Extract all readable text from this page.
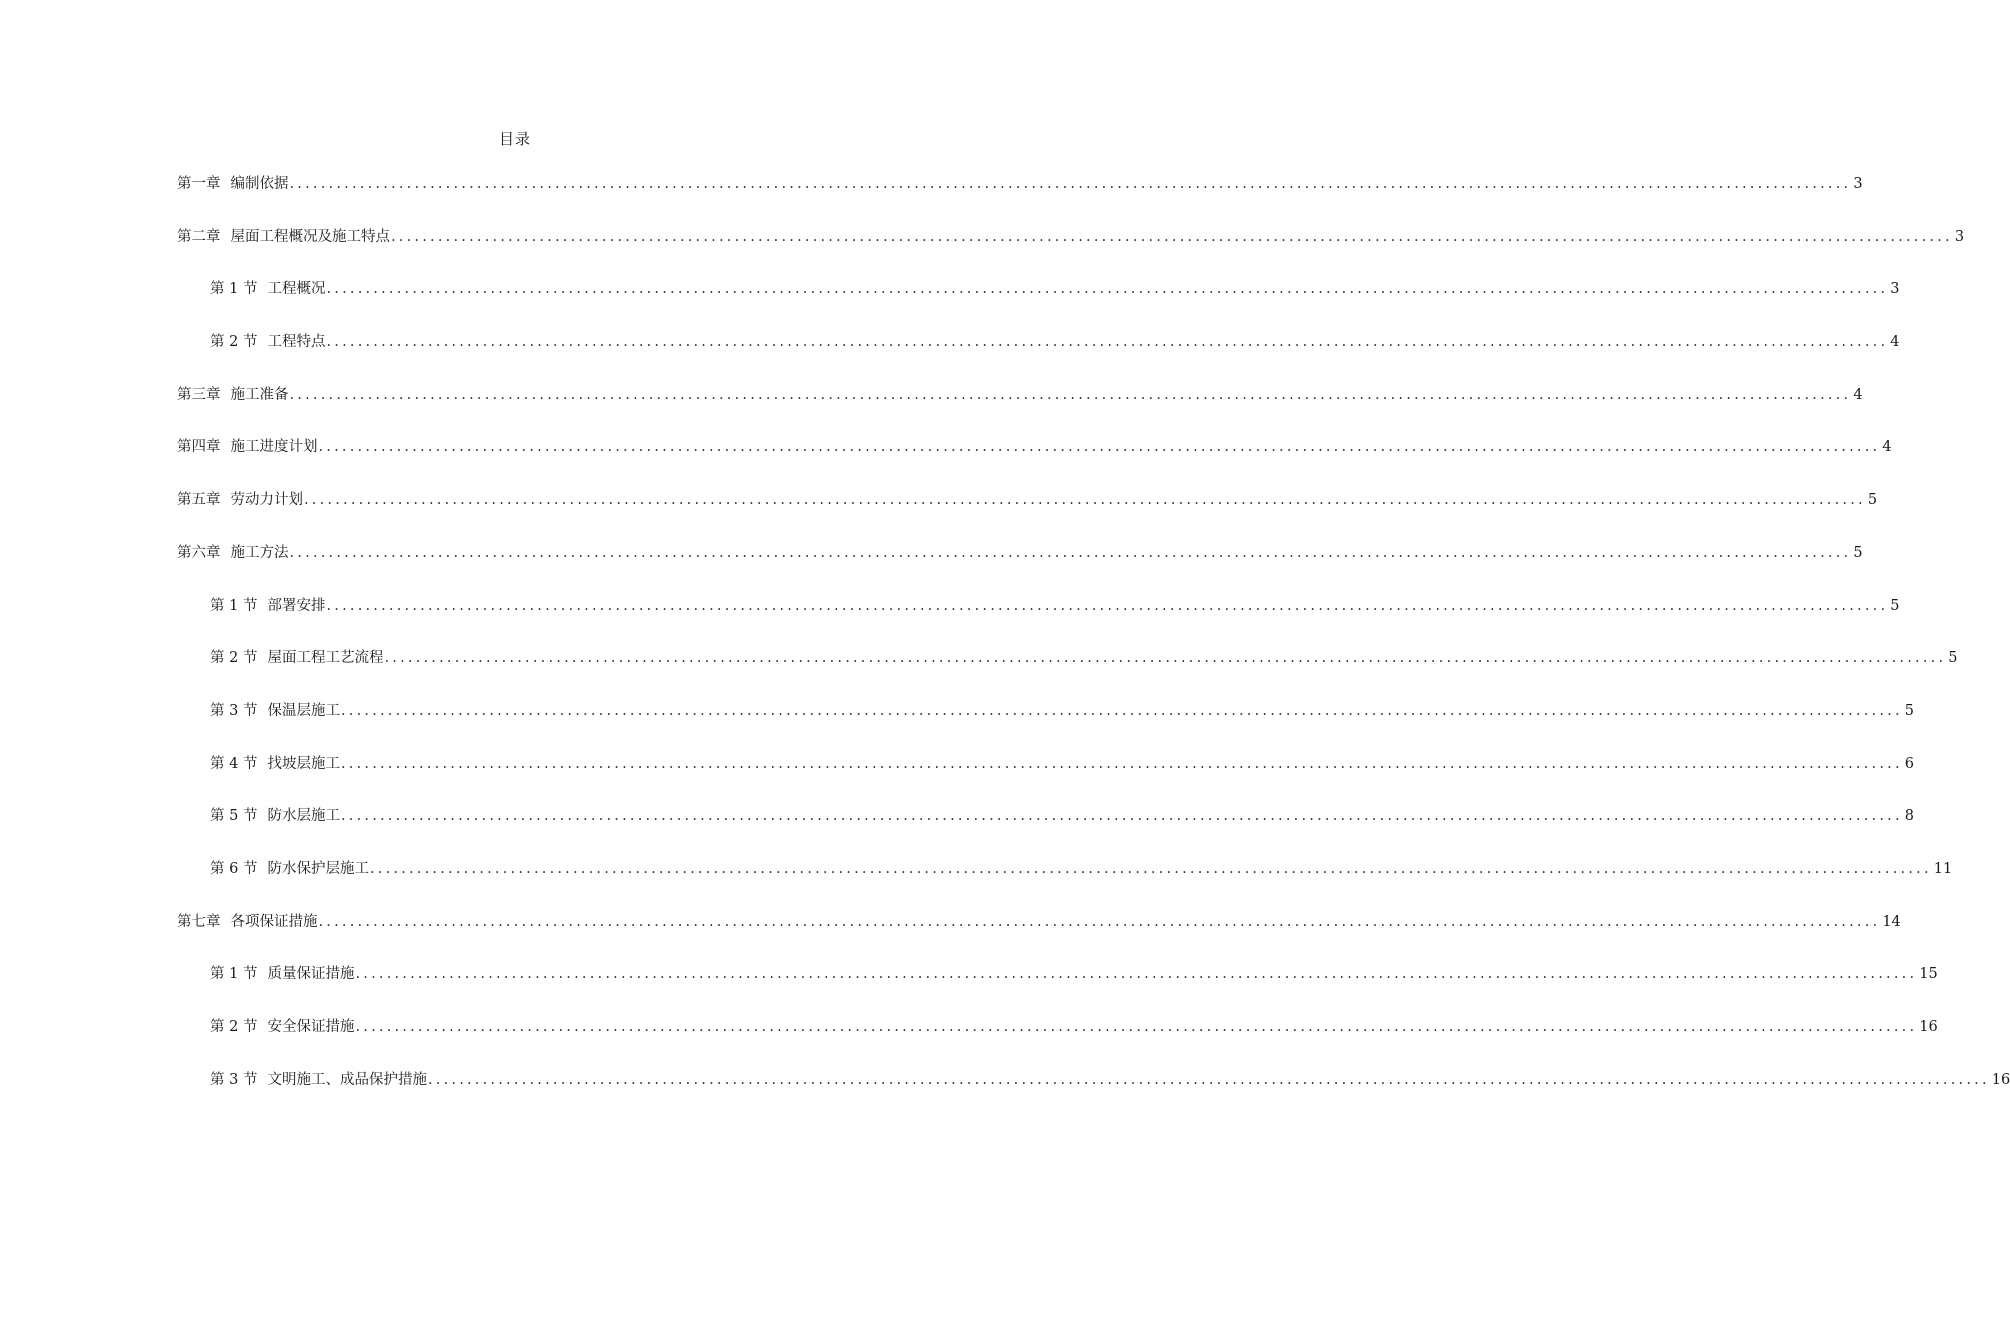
目录
第一章 编制依据 ........................................................................................................................................................................................................ 3
第二章 屋面工程概况及施工特点 ........................................................................................................................................................................................................ 3
第 1 节 工程概况 ........................................................................................................................................................................................................ 3
第 2 节 工程特点 ........................................................................................................................................................................................................ 4
第三章 施工准备 ........................................................................................................................................................................................................ 4
第四章 施工进度计划 ........................................................................................................................................................................................................ 4
第五章 劳动力计划 ........................................................................................................................................................................................................ 5
第六章 施工方法 ........................................................................................................................................................................................................ 5
第 1 节 部署安排 ........................................................................................................................................................................................................ 5
第 2 节 屋面工程工艺流程 ........................................................................................................................................................................................................ 5
第 3 节 保温层施工 ........................................................................................................................................................................................................ 5
第 4 节 找坡层施工 ........................................................................................................................................................................................................ 6
第 5 节 防水层施工 ........................................................................................................................................................................................................ 8
第 6 节 防水保护层施工 ........................................................................................................................................................................................................ 11
第七章 各项保证措施 ........................................................................................................................................................................................................ 14
第 1 节 质量保证措施 ........................................................................................................................................................................................................ 15
第 2 节 安全保证措施 ........................................................................................................................................................................................................ 16
第 3 节 文明施工、成品保护措施 ........................................................................................................................................................................................................ 16
